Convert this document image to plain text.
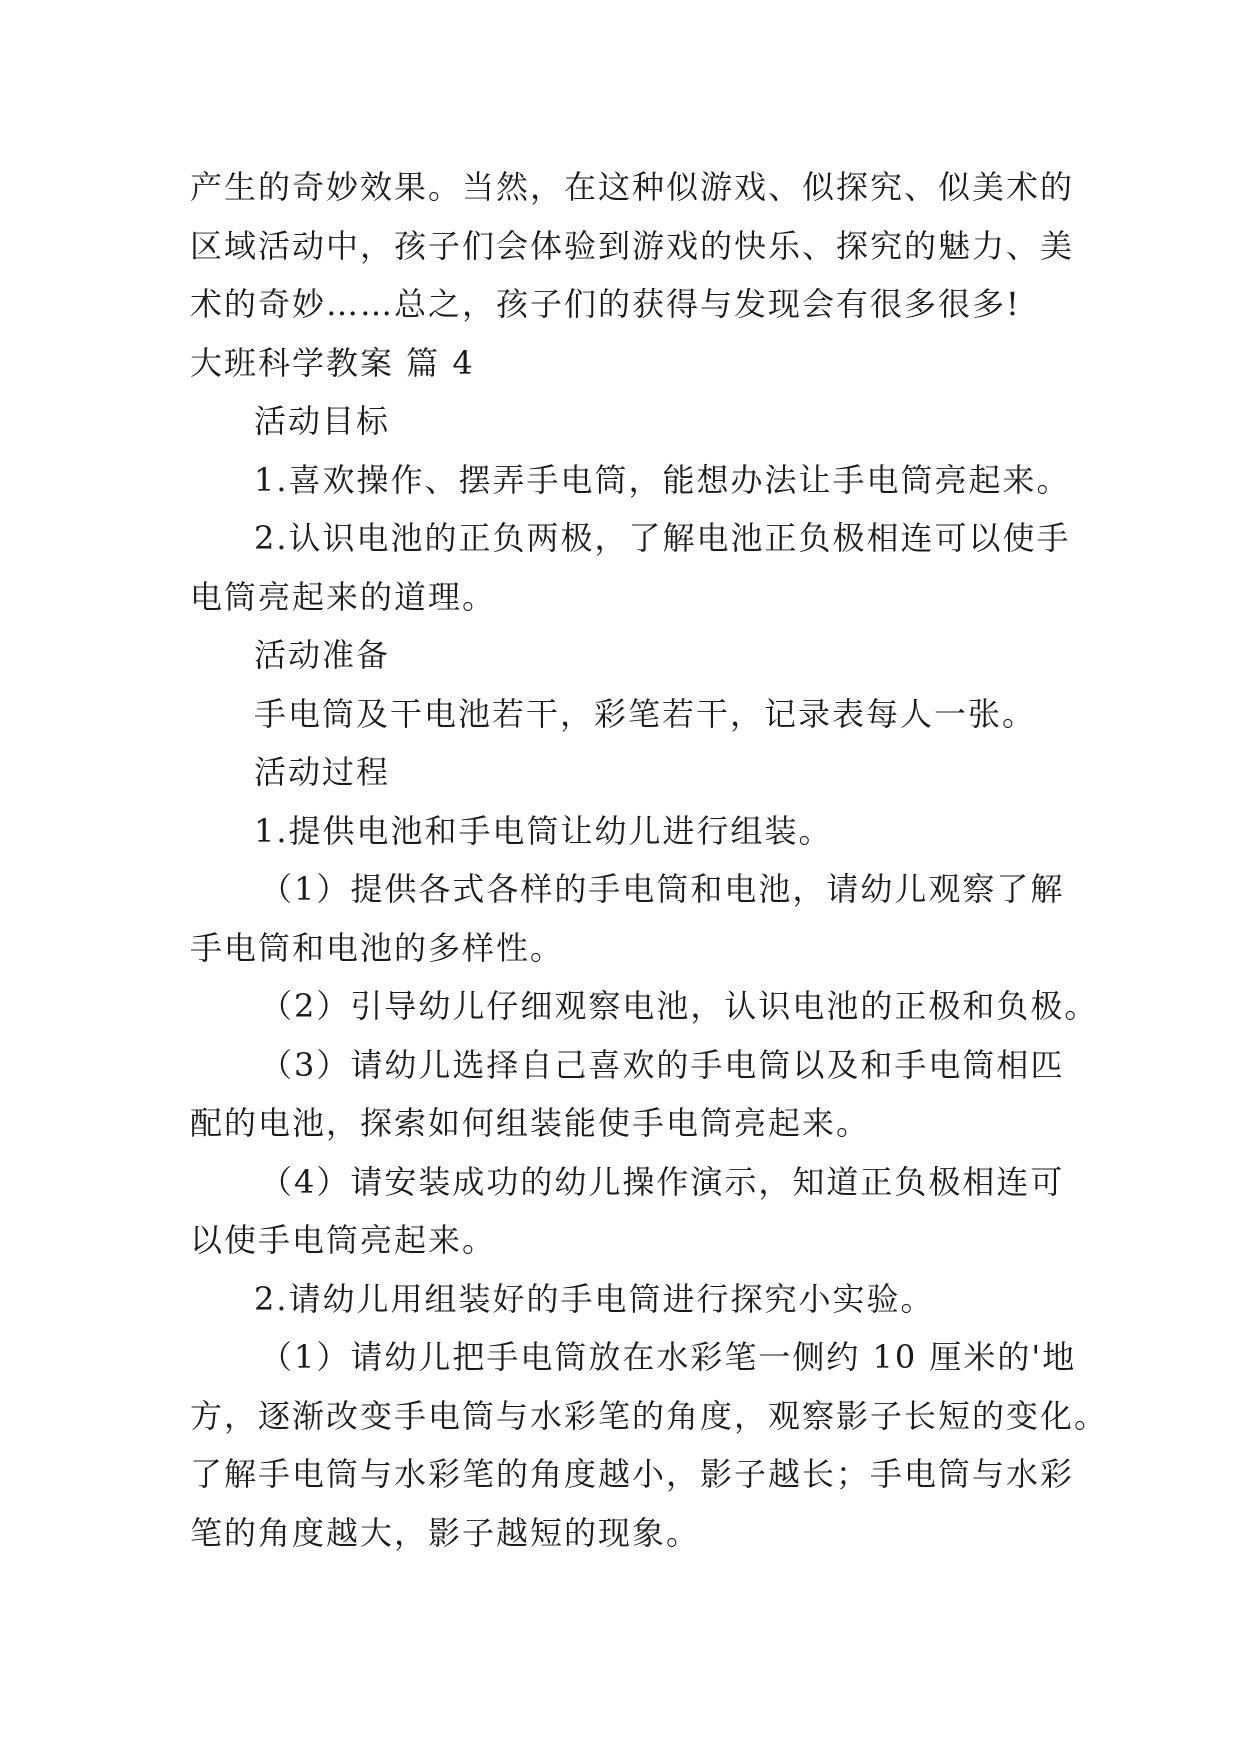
产生的奇妙效果。当然，在这种似游戏、似探究、似美术的
区域活动中，孩子们会体验到游戏的快乐、探究的魅力、美
术的奇妙……总之，孩子们的获得与发现会有很多很多!
大班科学教案 篇 4
活动目标
1.喜欢操作、摆弄手电筒，能想办法让手电筒亮起来。
2.认识电池的正负两极，了解电池正负极相连可以使手
电筒亮起来的道理。
活动准备
手电筒及干电池若干，彩笔若干，记录表每人一张。
活动过程
1.提供电池和手电筒让幼儿进行组装。
（1）提供各式各样的手电筒和电池，请幼儿观察了解
手电筒和电池的多样性。
（2）引导幼儿仔细观察电池，认识电池的正极和负极。
（3）请幼儿选择自己喜欢的手电筒以及和手电筒相匹
配的电池，探索如何组装能使手电筒亮起来。
（4）请安装成功的幼儿操作演示，知道正负极相连可
以使手电筒亮起来。
2.请幼儿用组装好的手电筒进行探究小实验。
（1）请幼儿把手电筒放在水彩笔一侧约 10 厘米的'地
方，逐渐改变手电筒与水彩笔的角度，观察影子长短的变化。
了解手电筒与水彩笔的角度越小，影子越长；手电筒与水彩
笔的角度越大，影子越短的现象。
